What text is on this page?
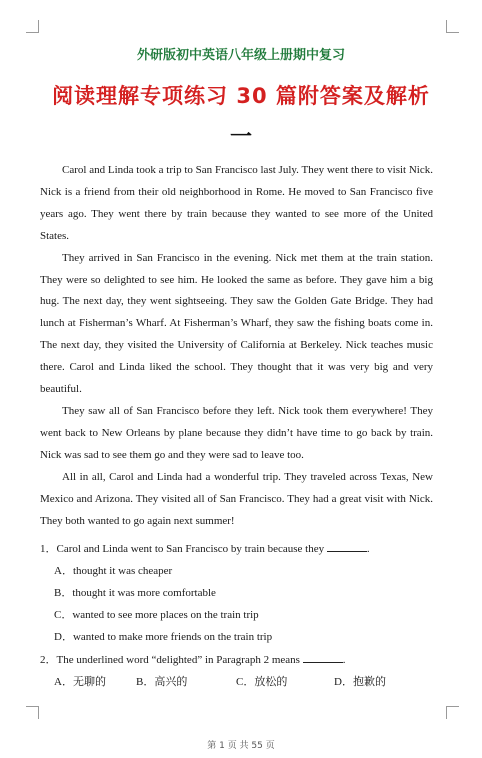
外研版初中英语八年级上册期中复习
阅读理解专项练习 30 篇附答案及解析
一

Carol and Linda took a trip to San Francisco last July. They went there to visit Nick. Nick is a friend from their old neighborhood in Rome. He moved to San Francisco five years ago. They went there by train because they wanted to see more of the United States.

They arrived in San Francisco in the evening. Nick met them at the train station. They were so delighted to see him. He looked the same as before. They gave him a big hug. The next day, they went sightseeing. They saw the Golden Gate Bridge. They had lunch at Fisherman’s Wharf. At Fisherman’s Wharf, they saw the fishing boats come in. The next day, they visited the University of California at Berkeley. Nick teaches music there. Carol and Linda liked the school. They thought that it was very big and very beautiful.

They saw all of San Francisco before they left. Nick took them everywhere! They went back to New Orleans by plane because they didn’t have time to go back by train. Nick was sad to see them go and they were sad to leave too.

All in all, Carol and Linda had a wonderful trip. They traveled across Texas, New Mexico and Arizona. They visited all of San Francisco. They had a great visit with Nick. They both wanted to go again next summer!

1．Carol and Linda went to San Francisco by train because they	.
A．thought it was cheaper
B．thought it was more comfortable
C．wanted to see more places on the train trip
D．wanted to make more friends on the train trip
2．The underlined word “delighted” in Paragraph 2 means	.
A．无聊的	B．高兴的	C．放松的	D．抱歉的
第 1 页 共 55 页
